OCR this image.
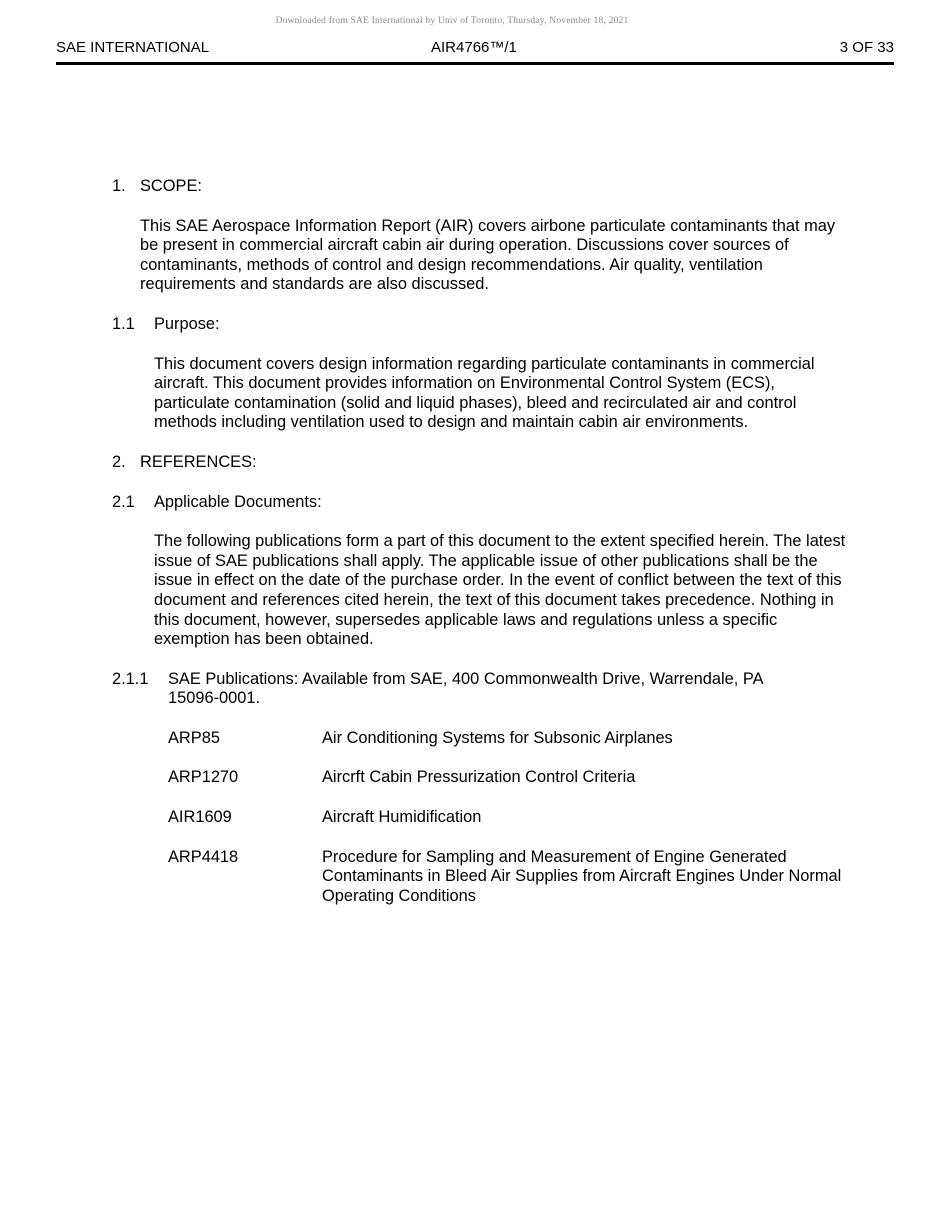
Downloaded from SAE International by Univ of Toronto, Thursday, November 18, 2021
SAE INTERNATIONAL	AIR4766™/1	3 OF 33
1. SCOPE:

This SAE Aerospace Information Report (AIR) covers airbone particulate contaminants that may be present in commercial aircraft cabin air during operation. Discussions cover sources of contaminants, methods of control and design recommendations. Air quality, ventilation requirements and standards are also discussed.

1.1	Purpose:

This document covers design information regarding particulate contaminants in commercial aircraft. This document provides information on Environmental Control System (ECS), particulate contamination (solid and liquid phases), bleed and recirculated air and control methods including ventilation used to design and maintain cabin air environments.

2. REFERENCES:
2.1	Applicable Documents:

The following publications form a part of this document to the extent specified herein. The latest issue of SAE publications shall apply. The applicable issue of other publications shall be the issue in effect on the date of the purchase order. In the event of conflict between the text of this document and references cited herein, the text of this document takes precedence. Nothing in this document, however, supersedes applicable laws and regulations unless a specific exemption has been obtained.

2.1.1	SAE Publications: Available from SAE, 400 Commonwealth Drive, Warrendale, PA 15096-0001.
ARP85	Air Conditioning Systems for Subsonic Airplanes
ARP1270	Aircrft Cabin Pressurization Control Criteria
AIR1609	Aircraft Humidification
ARP4418	Procedure for Sampling and Measurement of Engine Generated Contaminants in Bleed Air Supplies from Aircraft Engines Under Normal Operating Conditions
